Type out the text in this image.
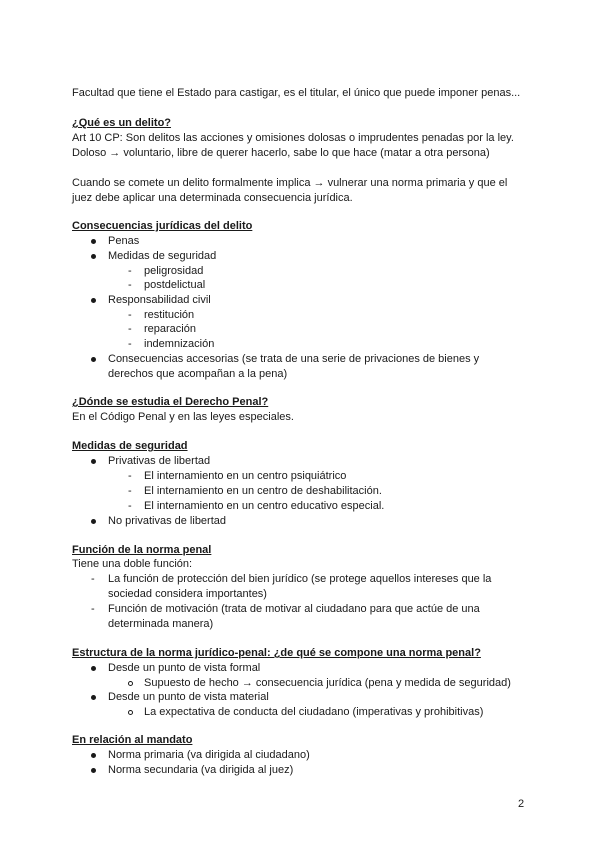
Facultad que tiene el Estado para castigar, es el titular, el único que puede imponer penas...
¿Qué es un delito?
Art 10 CP: Son delitos las acciones y omisiones dolosas o imprudentes penadas por la ley.
Doloso → voluntario, libre de querer hacerlo, sabe lo que hace (matar a otra persona)
Cuando se comete un delito formalmente implica → vulnerar una norma primaria y que el
juez debe aplicar una determinada consecuencia jurídica.
Consecuencias jurídicas del delito
Penas
Medidas de seguridad
- peligrosidad
- postdelictual
Responsabilidad civil
- restitución
- reparación
- indemnización
Consecuencias accesorias (se trata de una serie de privaciones de bienes y
derechos que acompañan a la pena)
¿Dónde se estudia el Derecho Penal?
En el Código Penal y en las leyes especiales.
Medidas de seguridad
Privativas de libertad
- El internamiento en un centro psiquiátrico
- El internamiento en un centro de deshabilitación.
- El internamiento en un centro educativo especial.
No privativas de libertad
Función de la norma penal
Tiene una doble función:
- La función de protección del bien jurídico (se protege aquellos intereses que la
sociedad considera importantes)
- Función de motivación (trata de motivar al ciudadano para que actúe de una
determinada manera)
Estructura de la norma jurídico-penal: ¿de qué se compone una norma penal?
Desde un punto de vista formal
Supuesto de hecho → consecuencia jurídica (pena y medida de seguridad)
Desde un punto de vista material
La expectativa de conducta del ciudadano (imperativas y prohibitivas)
En relación al mandato
Norma primaria (va dirigida al ciudadano)
Norma secundaria (va dirigida al juez)
2
